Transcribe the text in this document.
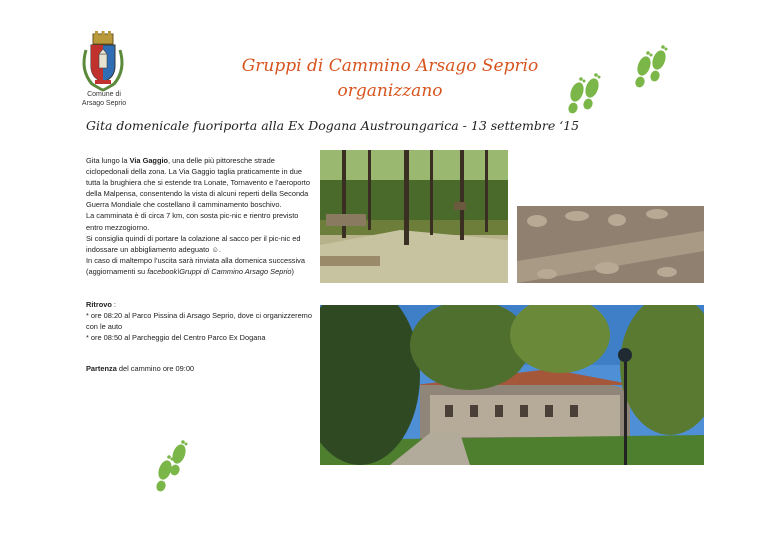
Comune di
Arsago Seprio
Gruppi di Cammino Arsago Seprio
organizzano
Gita domenicale fuoriporta alla Ex Dogana Austroungarica - 13 settembre ‘15

Gita lungo la Via Gaggio, una delle più pittoresche strade ciclopedonali della zona. La Via Gaggio taglia praticamente in due tutta la brughiera che si estende tra Lonate, Tornavento e l'aeroporto della Malpensa, consentendo la vista di alcuni reperti della Seconda Guerra Mondiale che costellano il camminamento boschivo.

La camminata è di circa 7 km, con sosta pic-nic e rientro previsto entro mezzogiorno.

Si consiglia quindi di portare la colazione al sacco per il pic-nic ed indossare un abbigliamento adeguato ☺.

In caso di maltempo l’uscita sarà rinviata alla domenica successiva (aggiornamenti su facebook\Gruppi di Cammino Arsago Seprio)

Ritrovo :

* ore 08:20 al Parco Pissina di Arsago Seprio, dove ci organizzeremo con le auto

* ore 08:50 al Parcheggio del Centro Parco Ex Dogana

Partenza del cammino ore 09:00
